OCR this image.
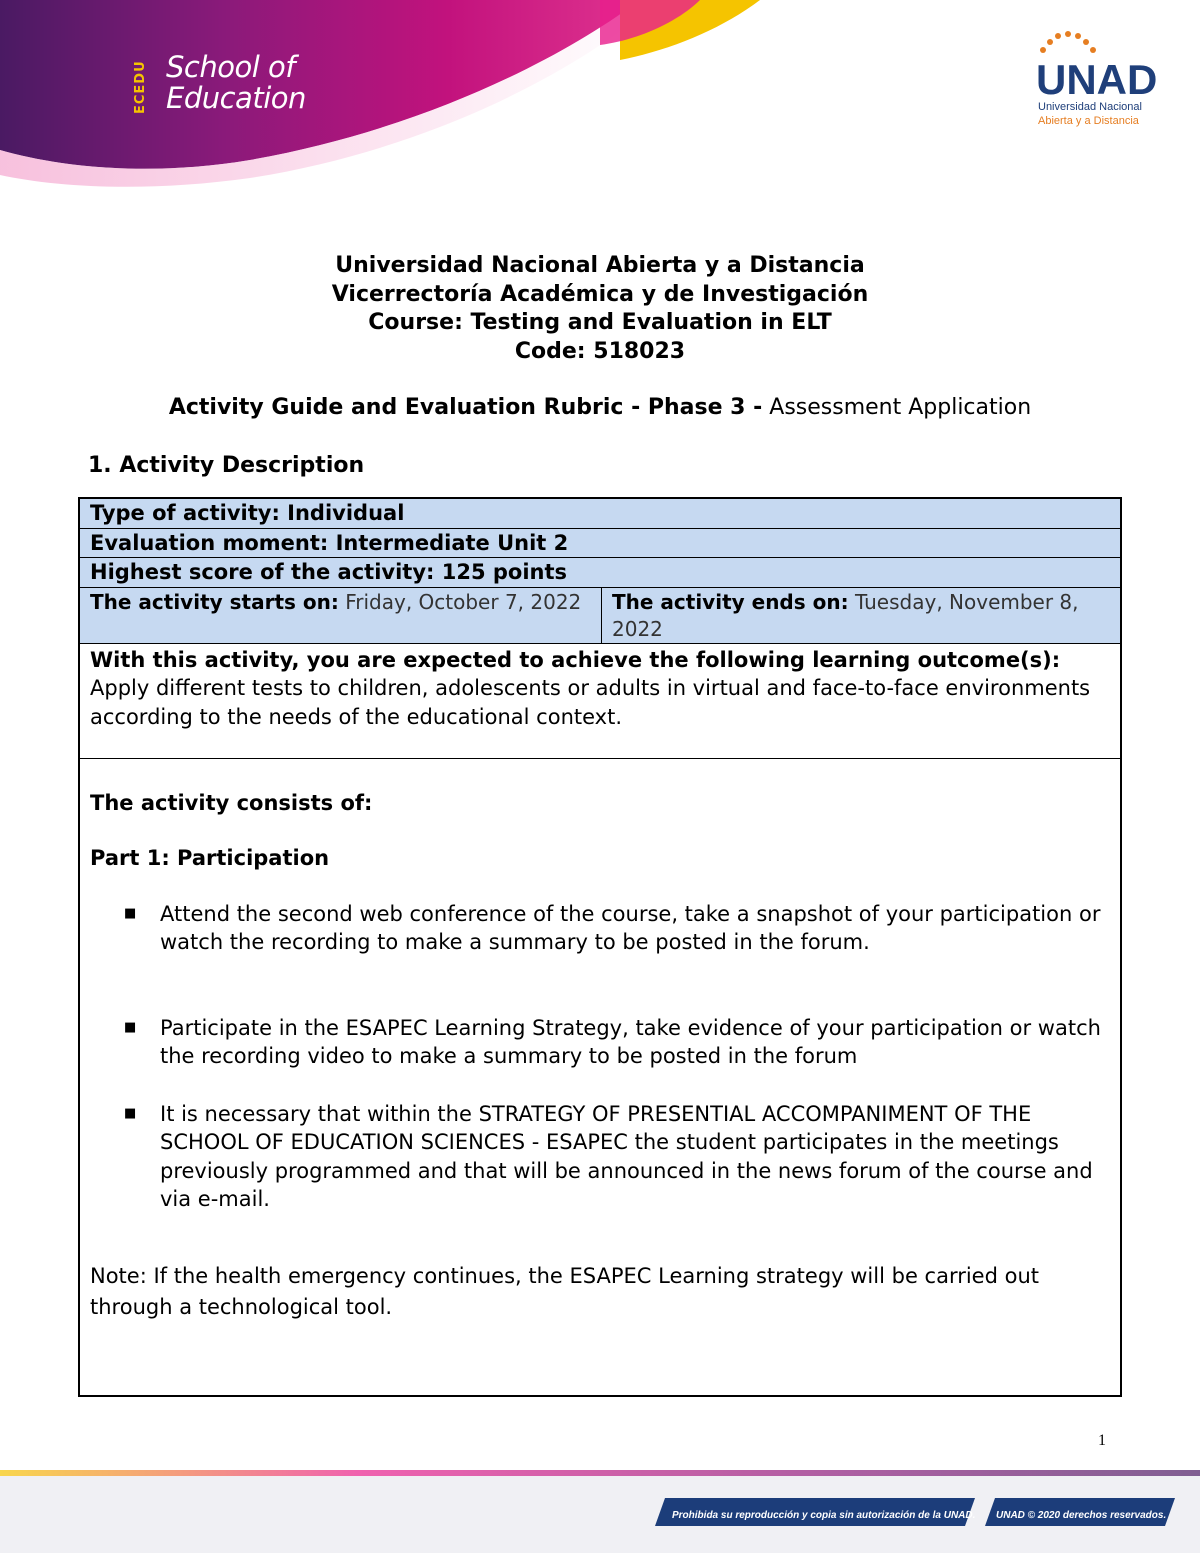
ECEDU School of
Education	UNAD
Universidad Nacional
Abierta y a Distancia
Universidad Nacional Abierta y a Distancia
Vicerrectoría Académica y de Investigación
Course: Testing and Evaluation in ELT
Code: 518023
Activity Guide and Evaluation Rubric - Phase 3 - Assessment Application
1. Activity Description
Type of activity: Individual
Evaluation moment: Intermediate Unit 2
Highest score of the activity: 125 points
The activity starts on: Friday, October 7, 2022	The activity ends on: Tuesday, November 8, 2022
With this activity, you are expected to achieve the following learning outcome(s):
Apply different tests to children, adolescents or adults in virtual and face-to-face environments according to the needs of the educational context.
The activity consists of:
Part 1: Participation
■ Attend the second web conference of the course, take a snapshot of your participation or watch the recording to make a summary to be posted in the forum.
■ Participate in the ESAPEC Learning Strategy, take evidence of your participation or watch the recording video to make a summary to be posted in the forum
■ It is necessary that within the STRATEGY OF PRESENTIAL ACCOMPANIMENT OF THE SCHOOL OF EDUCATION SCIENCES - ESAPEC the student participates in the meetings previously programmed and that will be announced in the news forum of the course and via e-mail.
Note: If the health emergency continues, the ESAPEC Learning strategy will be carried out through a technological tool.
1
Prohibida su reproducción y copia sin autorización de la UNAD.	UNAD © 2020 derechos reservados.
